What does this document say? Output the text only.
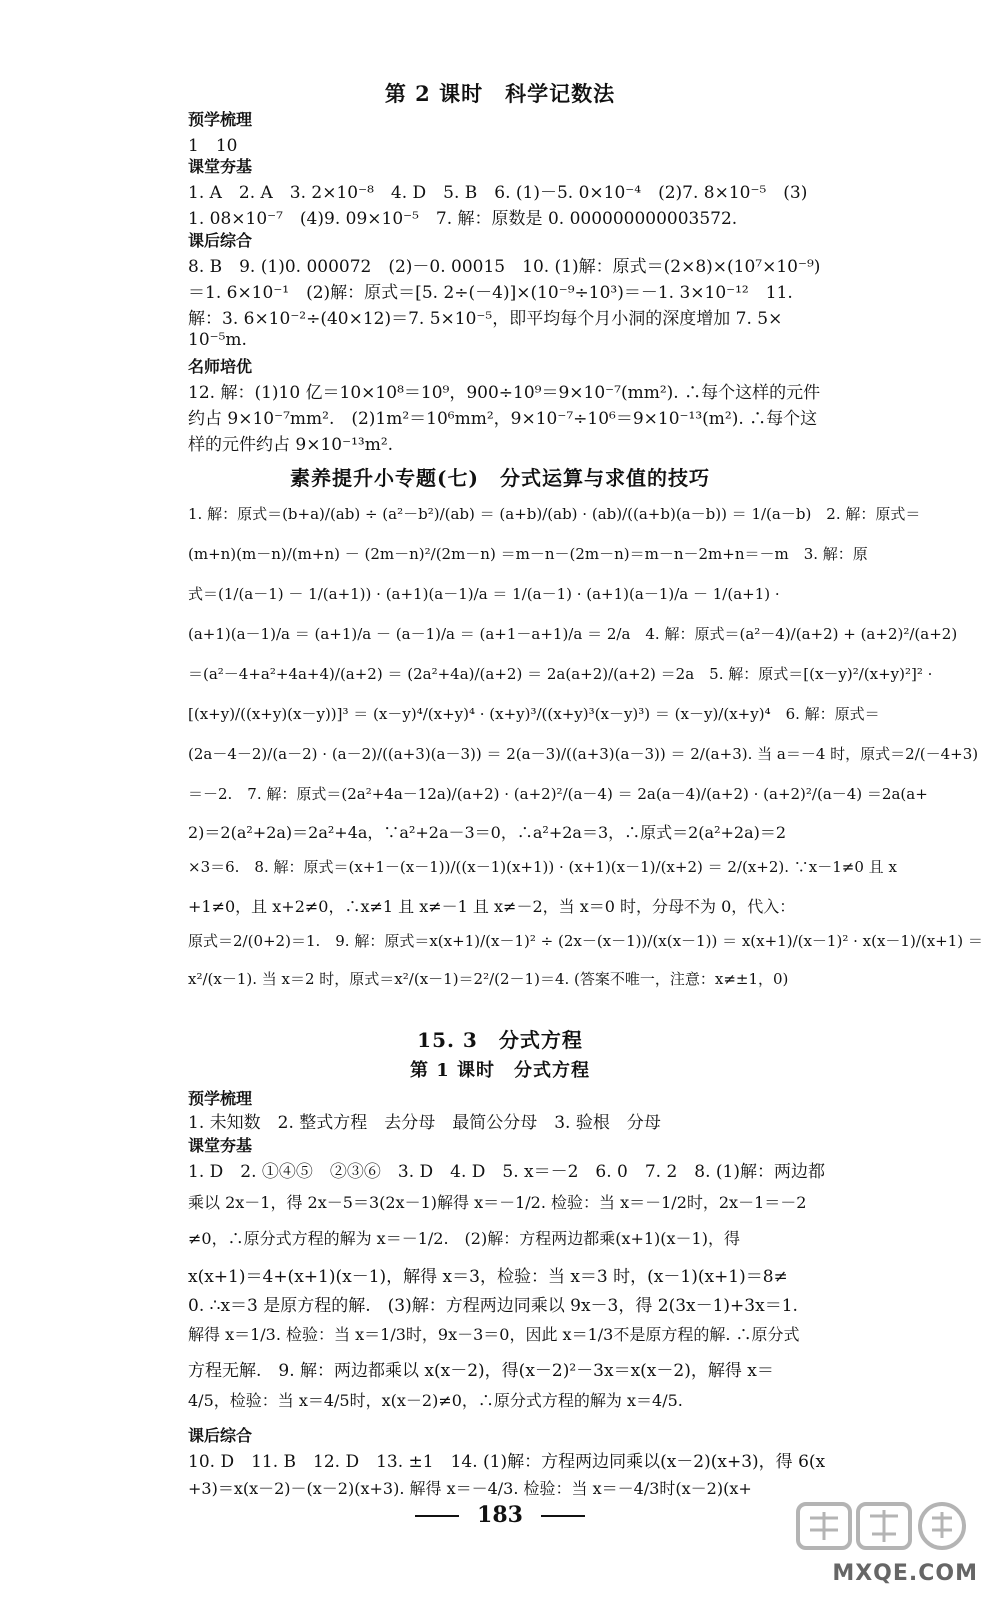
第 2 课时　科学记数法
预学梳理
1　10
课堂夯基
1. A　2. A　3. 2×10⁻⁸　4. D　5. B　6. (1)－5. 0×10⁻⁴　(2)7. 8×10⁻⁵　(3)
1. 08×10⁻⁷　(4)9. 09×10⁻⁵　7. 解：原数是 0. 000000000003572.
课后综合
8. B　9. (1)0. 000072　(2)－0. 00015　10. (1)解：原式＝(2×8)×(10⁷×10⁻⁹)
＝1. 6×10⁻¹　(2)解：原式＝[5. 2÷(－4)]×(10⁻⁹÷10³)＝－1. 3×10⁻¹²　11.
解：3. 6×10⁻²÷(40×12)＝7. 5×10⁻⁵，即平均每个月小洞的深度增加 7. 5×
10⁻⁵m.
名师培优
12. 解：(1)10 亿＝10×10⁸＝10⁹，900÷10⁹＝9×10⁻⁷(mm²). ∴每个这样的元件
约占 9×10⁻⁷mm².　(2)1m²＝10⁶mm²，9×10⁻⁷÷10⁶＝9×10⁻¹³(m²). ∴每个这
样的元件约占 9×10⁻¹³m².
素养提升小专题(七)　分式运算与求值的技巧
1. 解：原式＝(b+a)/(ab) ÷ (a²－b²)/(ab) ＝ (a+b)/(ab) · (ab)/((a+b)(a－b)) ＝ 1/(a－b)　2. 解：原式＝
(m+n)(m－n)/(m+n) － (2m－n)²/(2m－n) ＝m－n－(2m－n)＝m－n－2m+n＝－m　3. 解：原
式＝(1/(a－1) － 1/(a+1)) · (a+1)(a－1)/a ＝ 1/(a－1) · (a+1)(a－1)/a － 1/(a+1) ·
(a+1)(a－1)/a ＝ (a+1)/a － (a－1)/a ＝ (a+1－a+1)/a ＝ 2/a　4. 解：原式＝(a²－4)/(a+2) + (a+2)²/(a+2)
＝(a²－4+a²+4a+4)/(a+2) ＝ (2a²+4a)/(a+2) ＝ 2a(a+2)/(a+2) ＝2a　5. 解：原式＝[(x－y)²/(x+y)²]² ·
[(x+y)/((x+y)(x－y))]³ ＝ (x－y)⁴/(x+y)⁴ · (x+y)³/((x+y)³(x－y)³) ＝ (x－y)/(x+y)⁴　6. 解：原式＝
(2a－4－2)/(a－2) · (a－2)/((a+3)(a－3)) ＝ 2(a－3)/((a+3)(a－3)) ＝ 2/(a+3). 当 a＝－4 时，原式＝2/(－4+3)
＝－2.　7. 解：原式＝(2a²+4a－12a)/(a+2) · (a+2)²/(a－4) ＝ 2a(a－4)/(a+2) · (a+2)²/(a－4) ＝2a(a+
2)＝2(a²+2a)＝2a²+4a，∵a²+2a－3＝0，∴a²+2a＝3，∴原式＝2(a²+2a)＝2
×3＝6.　8. 解：原式＝(x+1－(x－1))/((x－1)(x+1)) · (x+1)(x－1)/(x+2) ＝ 2/(x+2). ∵x－1≠0 且 x
+1≠0，且 x+2≠0，∴x≠1 且 x≠－1 且 x≠－2，当 x＝0 时，分母不为 0，代入：
原式＝2/(0+2)＝1.　9. 解：原式＝x(x+1)/(x－1)² ÷ (2x－(x－1))/(x(x－1)) ＝ x(x+1)/(x－1)² · x(x－1)/(x+1) ＝
x²/(x－1). 当 x＝2 时，原式＝x²/(x－1)＝2²/(2－1)＝4. (答案不唯一，注意：x≠±1，0)
15. 3　分式方程
第 1 课时　分式方程
预学梳理
1. 未知数　2. 整式方程　去分母　最简公分母　3. 验根　分母
课堂夯基
1. D　2. ①④⑤　②③⑥　3. D　4. D　5. x＝－2　6. 0　7. 2　8. (1)解：两边都
乘以 2x－1，得 2x－5＝3(2x－1)解得 x＝－1/2. 检验：当 x＝－1/2时，2x－1＝－2
≠0，∴原分式方程的解为 x＝－1/2.　(2)解：方程两边都乘(x+1)(x－1)，得
x(x+1)＝4+(x+1)(x－1)，解得 x＝3，检验：当 x＝3 时，(x－1)(x+1)＝8≠
0. ∴x＝3 是原方程的解.　(3)解：方程两边同乘以 9x－3，得 2(3x－1)+3x＝1.
解得 x＝1/3. 检验：当 x＝1/3时，9x－3＝0，因此 x＝1/3不是原方程的解. ∴原分式
方程无解.　9. 解：两边都乘以 x(x－2)，得(x－2)²－3x＝x(x－2)，解得 x＝
4/5，检验：当 x＝4/5时，x(x－2)≠0，∴原分式方程的解为 x＝4/5.
课后综合
10. D　11. B　12. D　13. ±1　14. (1)解：方程两边同乘以(x－2)(x+3)，得 6(x
+3)＝x(x－2)－(x－2)(x+3). 解得 x＝－4/3. 检验：当 x＝－4/3时(x－2)(x+
183
MXQE.COM
